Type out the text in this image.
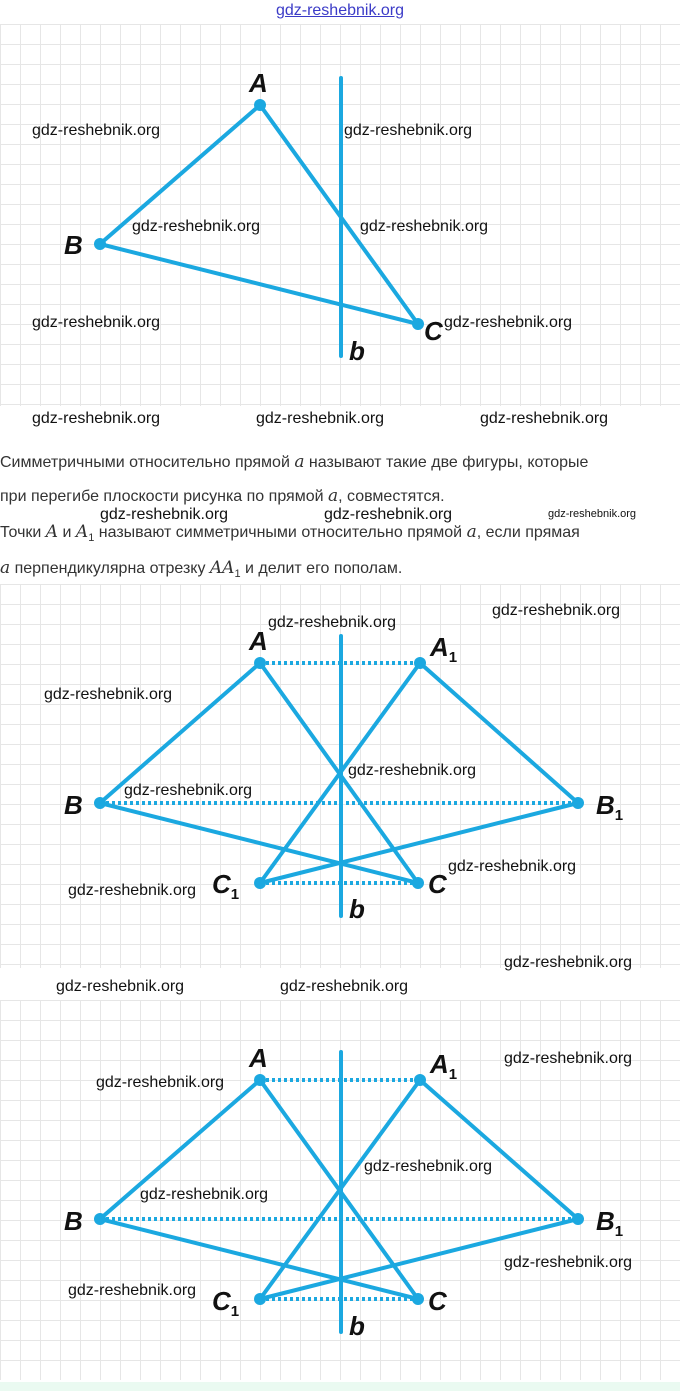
gdz-reshebnik.org
A
B
C
b
gdz-reshebnik.org	gdz-reshebnik.org
gdz-reshebnik.org	gdz-reshebnik.org
gdz-reshebnik.org	gdz-reshebnik.org
gdz-reshebnik.org	gdz-reshebnik.org	gdz-reshebnik.org
Симметричными относительно прямой a называют такие две фигуры, которые
при перегибе плоскости рисунка по прямой a, совместятся.
Точки A и $A_1$ называют симметричными относительно прямой a, если прямая
a перпендикулярна отрезку $AA_1$ и делит его пополам.
gdz-reshebnik.org	gdz-reshebnik.org	gdz-reshebnik.org
A	$A_1$
B	$B_1$
$C_1$	C
b
gdz-reshebnik.org
gdz-reshebnik.org
gdz-reshebnik.org
gdz-reshebnik.org
gdz-reshebnik.org
gdz-reshebnik.org
gdz-reshebnik.org
gdz-reshebnik.org
gdz-reshebnik.org	gdz-reshebnik.org
A	$A_1$
B	$B_1$
$C_1$	C
b
gdz-reshebnik.org
gdz-reshebnik.org
gdz-reshebnik.org
gdz-reshebnik.org
gdz-reshebnik.org
gdz-reshebnik.org
